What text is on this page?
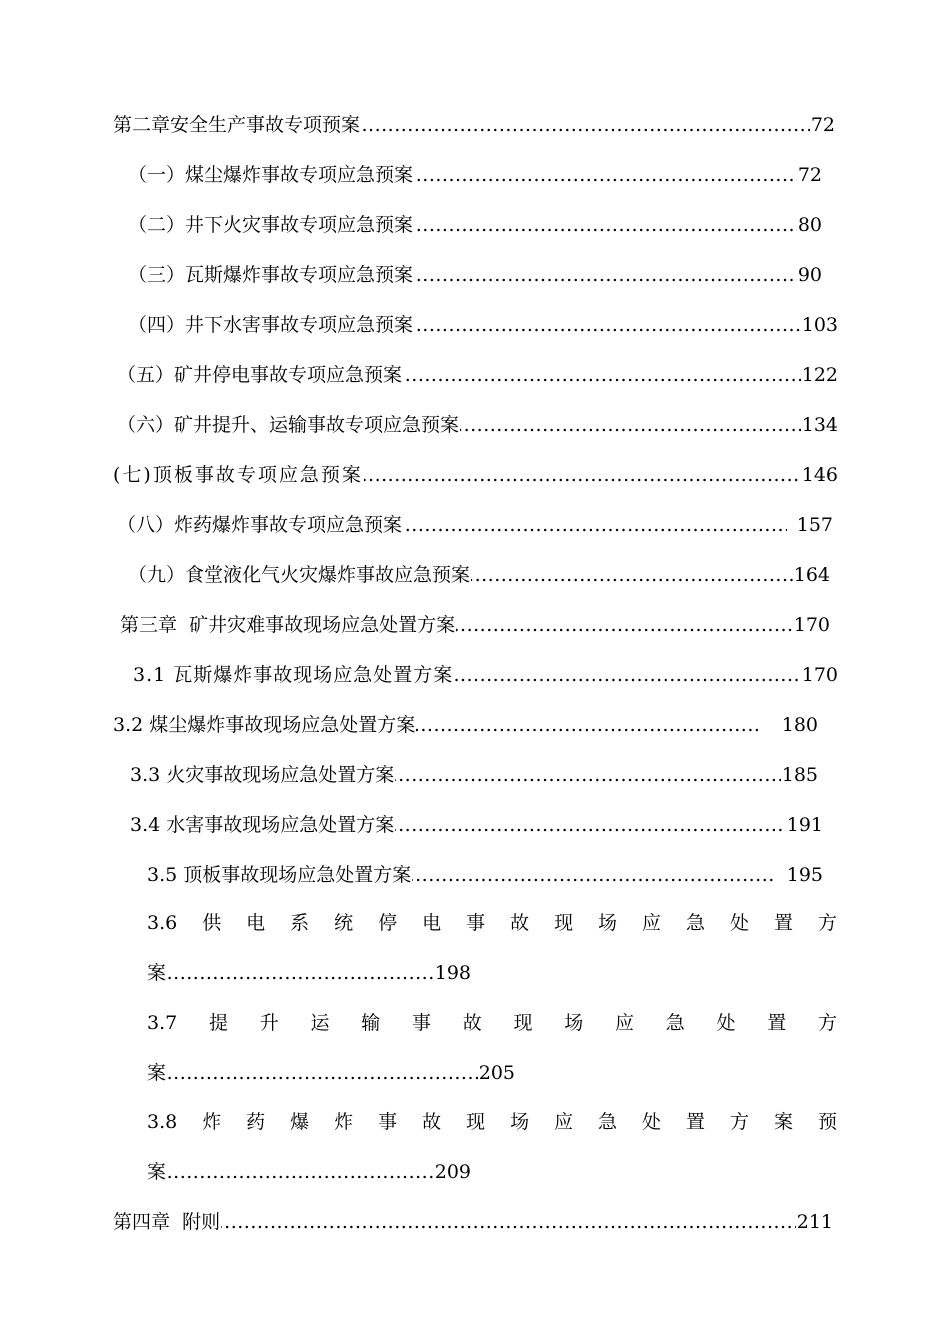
.....
第二章安全生产事故专项预案	72
.....
（一）煤尘爆炸事故专项应急预案	72
.....
（二）井下火灾事故专项应急预案	80
.....
（三）瓦斯爆炸事故专项应急预案	90
.....
（四）井下水害事故专项应急预案	103
.....
（五）矿井停电事故专项应急预案	122
.....
（六）矿井提升、运输事故专项应急预案	134
.....
(七)顶板事故专项应急预案	146
.....
（八）炸药爆炸事故专项应急预案	157
.....
（九）食堂液化气火灾爆炸事故应急预案	164
.....
第三章  矿井灾难事故现场应急处置方案	170
.....
3.1 瓦斯爆炸事故现场应急处置方案	170
.....
3.2 煤尘爆炸事故现场应急处置方案	180
.....
3.3 火灾事故现场应急处置方案	185
.....
3.4 水害事故现场应急处置方案	191
.....
3.5 顶板事故现场应急处置方案	195
3.6 供 电 系 统 停 电 事 故 现 场 应 急 处 置 方
.....
案	198
3.7 提 升 运 输 事 故 现 场 应 急 处 置 方
.....
案	205
3.8 炸 药 爆 炸 事 故 现 场 应 急 处 置 方 案 预
.....
案	209
.....
第四章  附则	211
